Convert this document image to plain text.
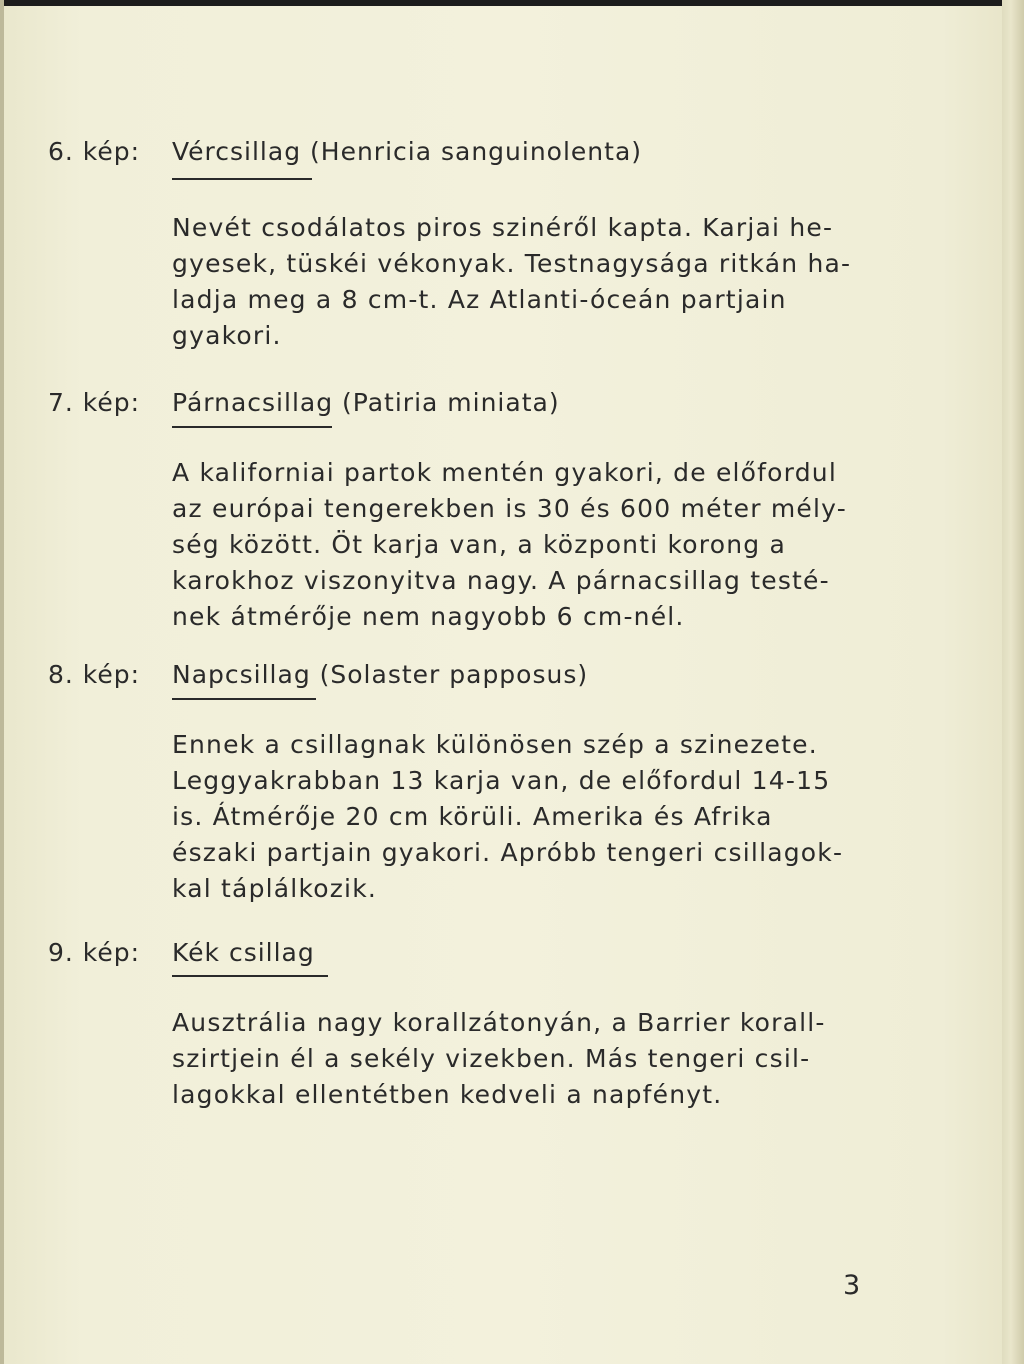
6. kép: Vércsillag (Henricia sanguinolenta)
Nevét csodálatos piros szinéről kapta. Karjai he-
gyesek, tüskéi vékonyak. Testnagysága ritkán ha-
ladja meg a 8 cm-t. Az Atlanti-óceán partjain
gyakori.
7. kép: Párnacsillag (Patiria miniata)
A kaliforniai partok mentén gyakori, de előfordul
az európai tengerekben is 30 és 600 méter mély-
ség között. Öt karja van, a központi korong a
karokhoz viszonyitva nagy. A párnacsillag testé-
nek átmérője nem nagyobb 6 cm-nél.
8. kép: Napcsillag (Solaster papposus)
Ennek a csillagnak különösen szép a szinezete.
Leggyakrabban 13 karja van, de előfordul 14-15
is. Átmérője 20 cm körüli. Amerika és Afrika
északi partjain gyakori. Apróbb tengeri csillagok-
kal táplálkozik.
9. kép: Kék csillag
Ausztrália nagy korallzátonyán, a Barrier korall-
szirtjein él a sekély vizekben. Más tengeri csil-
lagokkal ellentétben kedveli a napfényt.
3
